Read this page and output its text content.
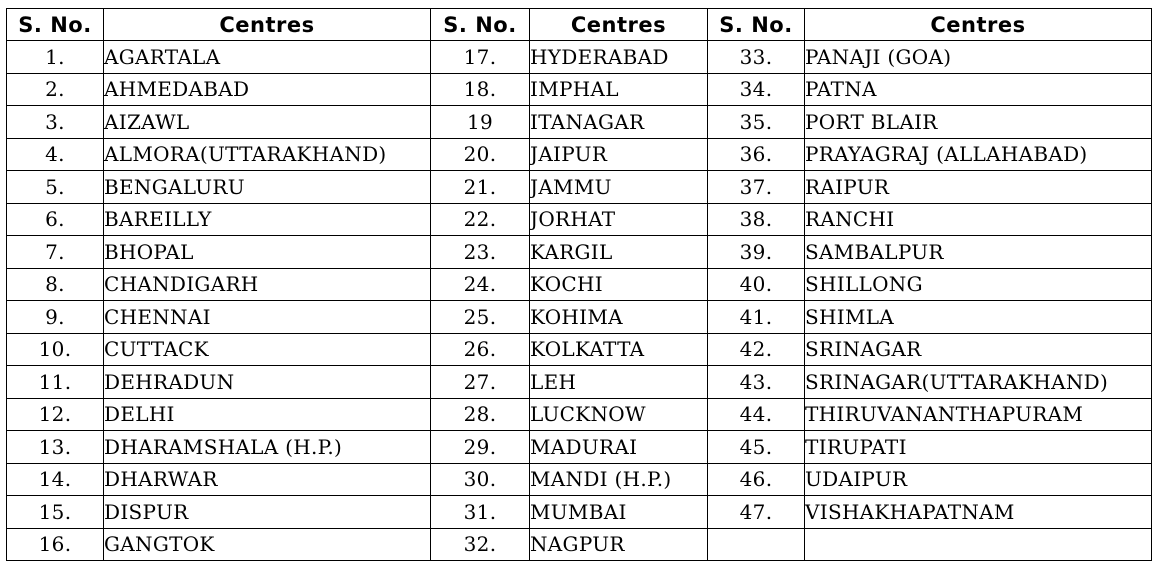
S. No.	Centres	S. No.	Centres	S. No.	Centres
1.	AGARTALA	17.	HYDERABAD	33.	PANAJI (GOA)
2.	AHMEDABAD	18.	IMPHAL	34.	PATNA
3.	AIZAWL	19	ITANAGAR	35.	PORT BLAIR
4.	ALMORA(UTTARAKHAND)	20.	JAIPUR	36.	PRAYAGRAJ (ALLAHABAD)
5.	BENGALURU	21.	JAMMU	37.	RAIPUR
6.	BAREILLY	22.	JORHAT	38.	RANCHI
7.	BHOPAL	23.	KARGIL	39.	SAMBALPUR
8.	CHANDIGARH	24.	KOCHI	40.	SHILLONG
9.	CHENNAI	25.	KOHIMA	41.	SHIMLA
10.	CUTTACK	26.	KOLKATTA	42.	SRINAGAR
11.	DEHRADUN	27.	LEH	43.	SRINAGAR(UTTARAKHAND)
12.	DELHI	28.	LUCKNOW	44.	THIRUVANANTHAPURAM
13.	DHARAMSHALA (H.P.)	29.	MADURAI	45.	TIRUPATI
14.	DHARWAR	30.	MANDI (H.P.)	46.	UDAIPUR
15.	DISPUR	31.	MUMBAI	47.	VISHAKHAPATNAM
16.	GANGTOK	32.	NAGPUR		
